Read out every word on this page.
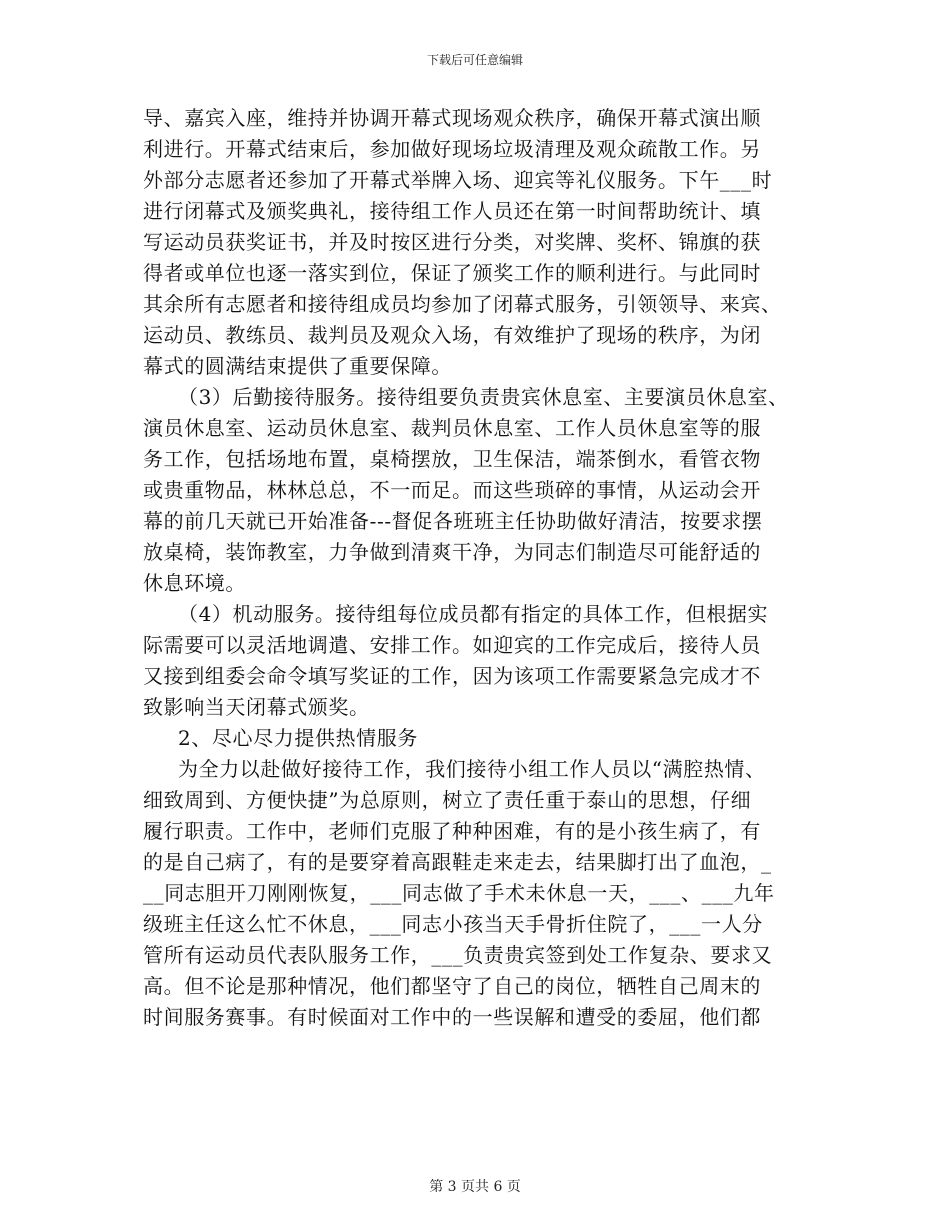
下载后可任意编辑
导、嘉宾入座，维持并协调开幕式现场观众秩序，确保开幕式演出顺
利进行。开幕式结束后，参加做好现场垃圾清理及观众疏散工作。另
外部分志愿者还参加了开幕式举牌入场、迎宾等礼仪服务。下午___时
进行闭幕式及颁奖典礼，接待组工作人员还在第一时间帮助统计、填
写运动员获奖证书，并及时按区进行分类，对奖牌、奖杯、锦旗的获
得者或单位也逐一落实到位，保证了颁奖工作的顺利进行。与此同时
其余所有志愿者和接待组成员均参加了闭幕式服务，引领领导、来宾、
运动员、教练员、裁判员及观众入场，有效维护了现场的秩序，为闭
幕式的圆满结束提供了重要保障。
（3）后勤接待服务。接待组要负责贵宾休息室、主要演员休息室、
演员休息室、运动员休息室、裁判员休息室、工作人员休息室等的服
务工作，包括场地布置，桌椅摆放，卫生保洁，端茶倒水，看管衣物
或贵重物品，林林总总，不一而足。而这些琐碎的事情，从运动会开
幕的前几天就已开始准备---督促各班班主任协助做好清洁，按要求摆
放桌椅，装饰教室，力争做到清爽干净，为同志们制造尽可能舒适的
休息环境。
（4）机动服务。接待组每位成员都有指定的具体工作，但根据实
际需要可以灵活地调遣、安排工作。如迎宾的工作完成后，接待人员
又接到组委会命令填写奖证的工作，因为该项工作需要紧急完成才不
致影响当天闭幕式颁奖。
2、尽心尽力提供热情服务
为全力以赴做好接待工作，我们接待小组工作人员以“满腔热情、
细致周到、方便快捷”为总原则，树立了责任重于泰山的思想，仔细
履行职责。工作中，老师们克服了种种困难，有的是小孩生病了，有
的是自己病了，有的是要穿着高跟鞋走来走去，结果脚打出了血泡，_
__同志胆开刀刚刚恢复，___同志做了手术未休息一天，___、___九年
级班主任这么忙不休息，___同志小孩当天手骨折住院了，___一人分
管所有运动员代表队服务工作，___负责贵宾签到处工作复杂、要求又
高。但不论是那种情况，他们都坚守了自己的岗位，牺牲自己周末的
时间服务赛事。有时候面对工作中的一些误解和遭受的委屈，他们都
第 3 页共 6 页
